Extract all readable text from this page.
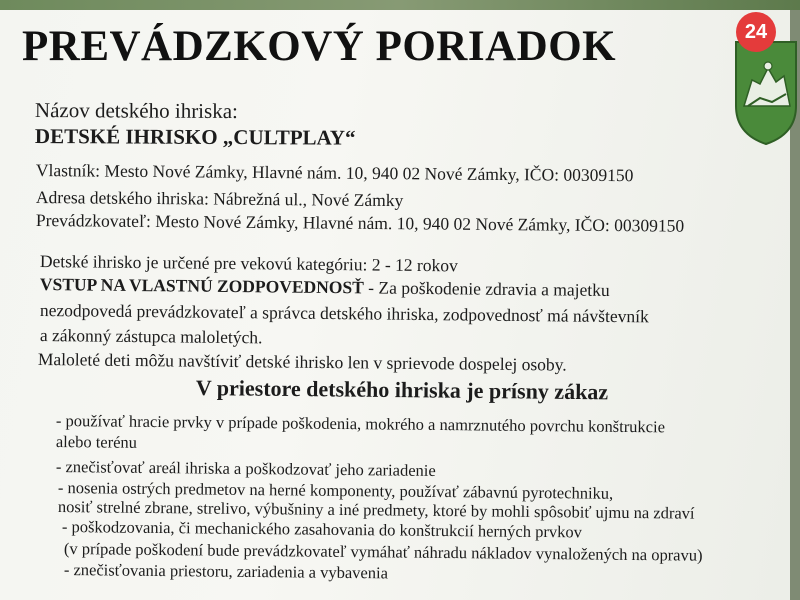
PREVÁDZKOVÝ PORIADOK	24

Názov detského ihriska:

DETSKÉ IHRISKO „CULTPLAY“

Vlastník: Mesto Nové Zámky, Hlavné nám. 10, 940 02 Nové Zámky, IČO: 00309150

Adresa detského ihriska: Nábrežná ul., Nové Zámky

Prevádzkovateľ: Mesto Nové Zámky, Hlavné nám. 10, 940 02 Nové Zámky, IČO: 00309150

Detské ihrisko je určené pre vekovú kategóriu: 2 - 12 rokov

VSTUP NA VLASTNÚ ZODPOVEDNOSŤ - Za poškodenie zdravia a majetku

nezodpovedá prevádzkovateľ a správca detského ihriska, zodpovednosť má návštevník

a zákonný zástupca maloletých.

Maloleté deti môžu navštíviť detské ihrisko len v sprievode dospelej osoby.

V priestore detského ihriska je prísny zákaz

- používať hracie prvky v prípade poškodenia, mokrého a namrznutého povrchu konštrukcie

alebo terénu

- znečisťovať areál ihriska a poškodzovať jeho zariadenie

- nosenia ostrých predmetov na herné komponenty, používať zábavnú pyrotechniku,

nosiť strelné zbrane, strelivo, výbušniny a iné predmety, ktoré by mohli spôsobiť ujmu na zdraví

- poškodzovania, či mechanického zasahovania do konštrukcií herných prvkov

(v prípade poškodení bude prevádzkovateľ vymáhať náhradu nákladov vynaložených na opravu)

- znečisťovania priestoru, zariadenia a vybavenia
